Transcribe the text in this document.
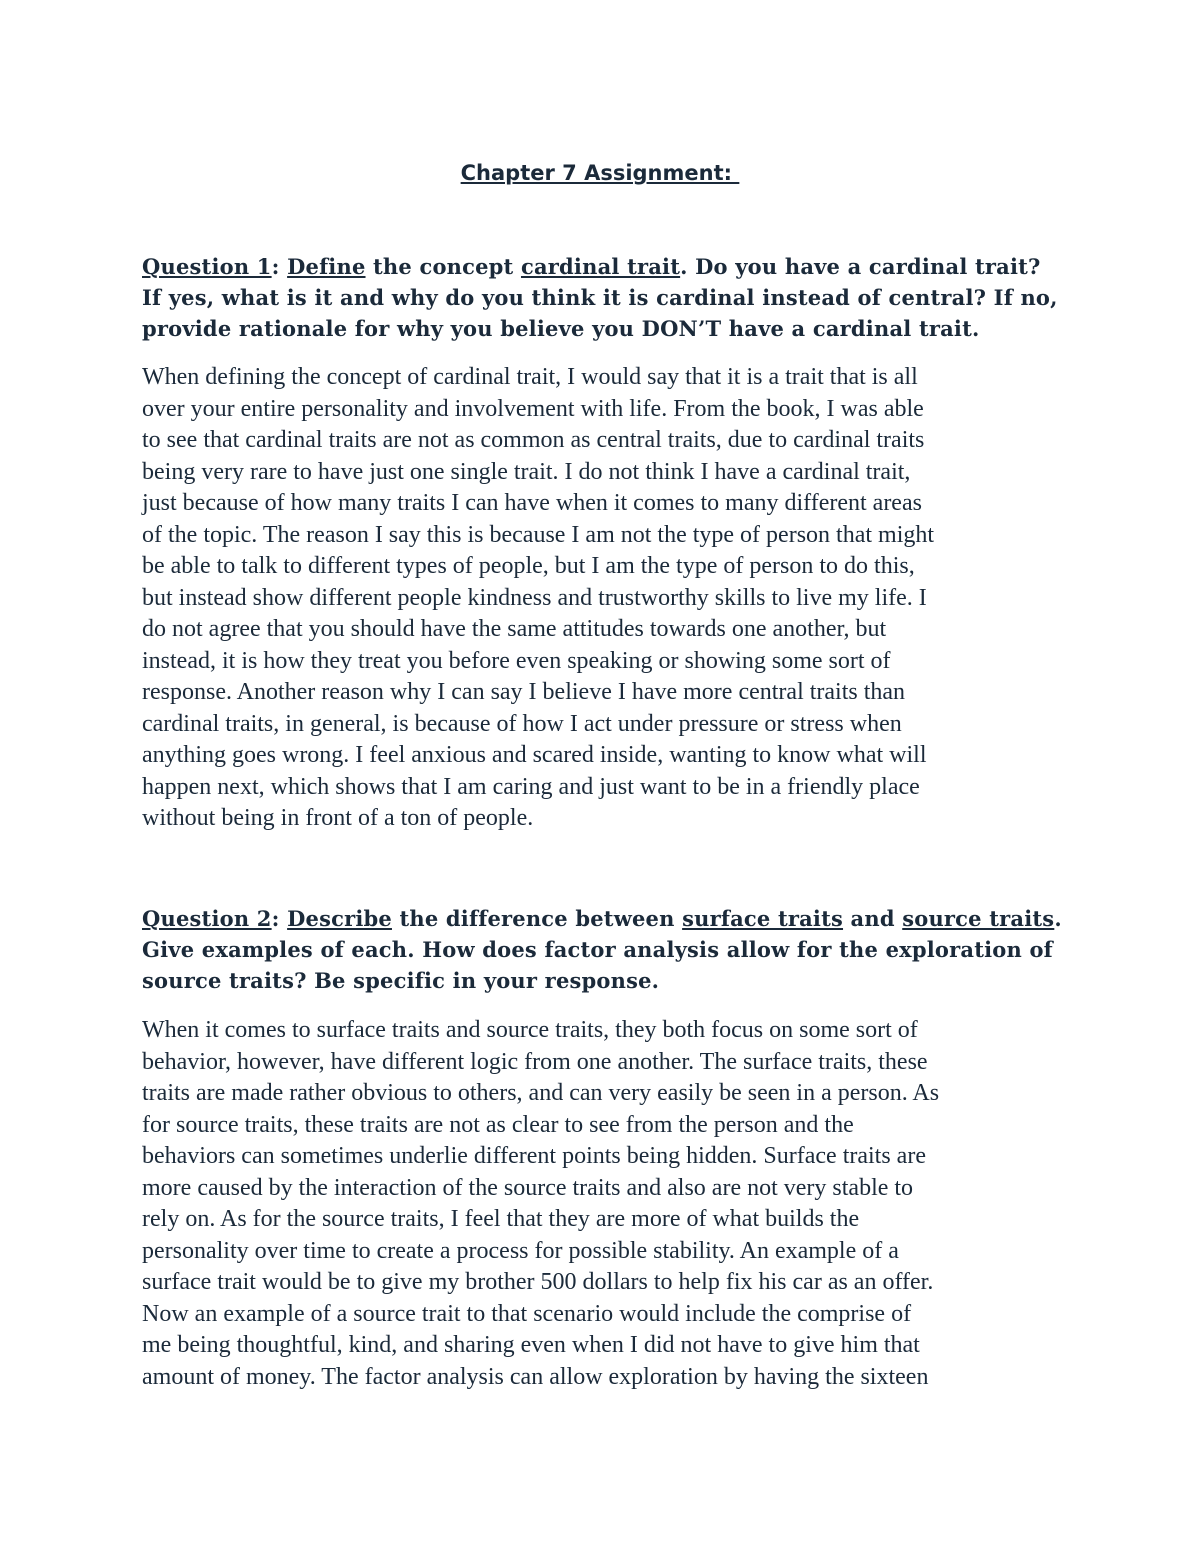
Chapter 7 Assignment:
Question 1: Define the concept cardinal trait. Do you have a cardinal trait? If yes, what is it and why do you think it is cardinal instead of central? If no, provide rationale for why you believe you DON’T have a cardinal trait.
When defining the concept of cardinal trait, I would say that it is a trait that is all
over your entire personality and involvement with life. From the book, I was able
to see that cardinal traits are not as common as central traits, due to cardinal traits
being very rare to have just one single trait. I do not think I have a cardinal trait,
just because of how many traits I can have when it comes to many different areas
of the topic. The reason I say this is because I am not the type of person that might
be able to talk to different types of people, but I am the type of person to do this,
but instead show different people kindness and trustworthy skills to live my life. I
do not agree that you should have the same attitudes towards one another, but
instead, it is how they treat you before even speaking or showing some sort of
response. Another reason why I can say I believe I have more central traits than
cardinal traits, in general, is because of how I act under pressure or stress when
anything goes wrong. I feel anxious and scared inside, wanting to know what will
happen next, which shows that I am caring and just want to be in a friendly place
without being in front of a ton of people.
Question 2: Describe the difference between surface traits and source traits. Give examples of each. How does factor analysis allow for the exploration of source traits? Be specific in your response.
When it comes to surface traits and source traits, they both focus on some sort of
behavior, however, have different logic from one another. The surface traits, these
traits are made rather obvious to others, and can very easily be seen in a person. As
for source traits, these traits are not as clear to see from the person and the
behaviors can sometimes underlie different points being hidden. Surface traits are
more caused by the interaction of the source traits and also are not very stable to
rely on. As for the source traits, I feel that they are more of what builds the
personality over time to create a process for possible stability. An example of a
surface trait would be to give my brother 500 dollars to help fix his car as an offer.
Now an example of a source trait to that scenario would include the comprise of
me being thoughtful, kind, and sharing even when I did not have to give him that
amount of money. The factor analysis can allow exploration by having the sixteen
